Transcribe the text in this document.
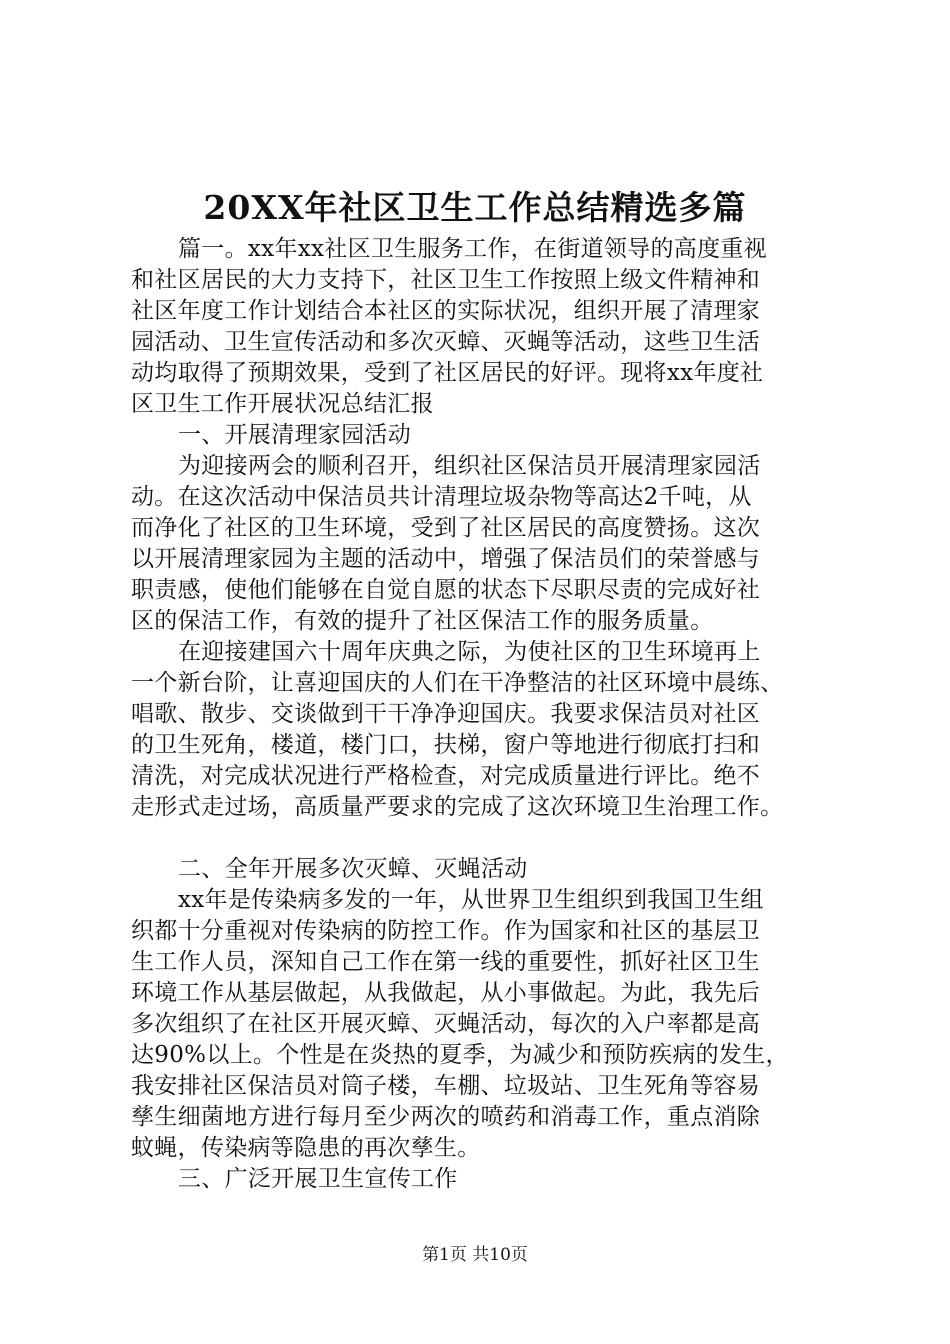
20XX年社区卫生工作总结精选多篇
篇一。xx年xx社区卫生服务工作，在街道领导的高度重视
和社区居民的大力支持下，社区卫生工作按照上级文件精神和
社区年度工作计划结合本社区的实际状况，组织开展了清理家
园活动、卫生宣传活动和多次灭蟑、灭蝇等活动，这些卫生活
动均取得了预期效果，受到了社区居民的好评。现将xx年度社
区卫生工作开展状况总结汇报
一、开展清理家园活动
为迎接两会的顺利召开，组织社区保洁员开展清理家园活
动。在这次活动中保洁员共计清理垃圾杂物等高达2千吨，从
而净化了社区的卫生环境，受到了社区居民的高度赞扬。这次
以开展清理家园为主题的活动中，增强了保洁员们的荣誉感与
职责感，使他们能够在自觉自愿的状态下尽职尽责的完成好社
区的保洁工作，有效的提升了社区保洁工作的服务质量。
在迎接建国六十周年庆典之际，为使社区的卫生环境再上
一个新台阶，让喜迎国庆的人们在干净整洁的社区环境中晨练、
唱歌、散步、交谈做到干干净净迎国庆。我要求保洁员对社区
的卫生死角，楼道，楼门口，扶梯，窗户等地进行彻底打扫和
清洗，对完成状况进行严格检查，对完成质量进行评比。绝不
走形式走过场，高质量严要求的完成了这次环境卫生治理工作。
二、全年开展多次灭蟑、灭蝇活动
xx年是传染病多发的一年，从世界卫生组织到我国卫生组
织都十分重视对传染病的防控工作。作为国家和社区的基层卫
生工作人员，深知自己工作在第一线的重要性，抓好社区卫生
环境工作从基层做起，从我做起，从小事做起。为此，我先后
多次组织了在社区开展灭蟑、灭蝇活动，每次的入户率都是高
达90%以上。个性是在炎热的夏季，为减少和预防疾病的发生，
我安排社区保洁员对筒子楼，车棚、垃圾站、卫生死角等容易
孳生细菌地方进行每月至少两次的喷药和消毒工作，重点消除
蚊蝇，传染病等隐患的再次孳生。
三、广泛开展卫生宣传工作
第1页 共10页
